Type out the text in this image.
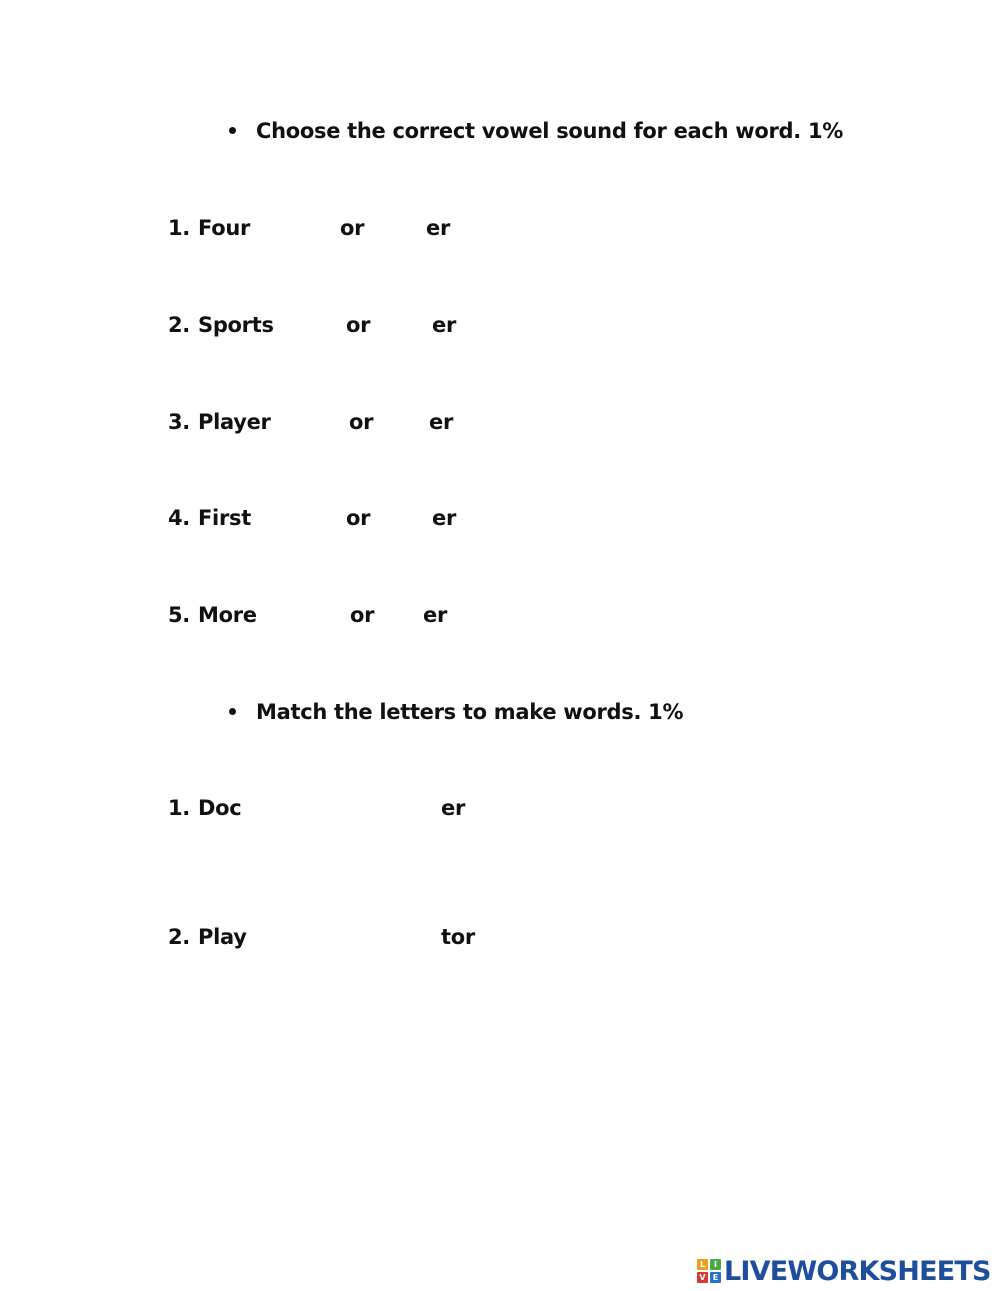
Choose the correct vowel sound for each word. 1%
1. Four	or	er
2. Sports	or	er
3. Player	or	er
4. First	or	er
5. More	or er
Match the letters to make words. 1%
1. Doc	er
2. Play	tor
L	I
V E LIVEWORKSHEETS
